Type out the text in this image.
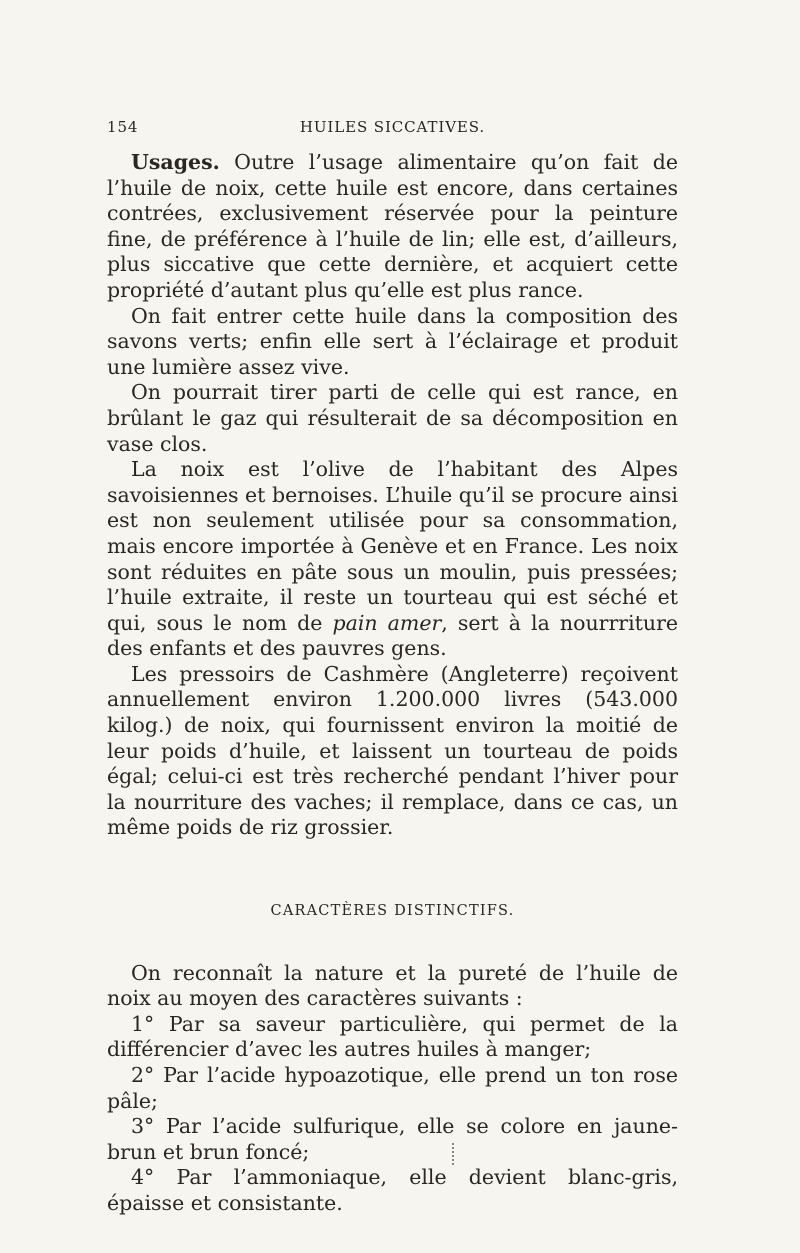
154	HUILES SICCATIVES.

Usages. Outre l’usage alimentaire qu’on fait de l’huile de noix, cette huile est encore, dans certaines contrées, exclusivement réservée pour la peinture fine, de préférence à l’huile de lin; elle est, d’ailleurs, plus siccative que cette dernière, et acquiert cette propriété d’autant plus qu’elle est plus rance.

On fait entrer cette huile dans la composition des savons verts; enfin elle sert à l’éclairage et produit une lumière assez vive.

On pourrait tirer parti de celle qui est rance, en brûlant le gaz qui résulterait de sa décomposition en vase clos.

La noix est l’olive de l’habitant des Alpes savoisiennes et bernoises. L’huile qu’il se procure ainsi est non seulement utilisée pour sa consommation, mais encore importée à Genève et en France. Les noix sont réduites en pâte sous un moulin, puis pressées; l’huile extraite, il reste un tourteau qui est séché et qui, sous le nom de pain amer, sert à la nourrriture des enfants et des pauvres gens.

Les pressoirs de Cashmère (Angleterre) reçoivent annuellement environ 1.200.000 livres (543.000 kilog.) de noix, qui fournissent environ la moitié de leur poids d’huile, et laissent un tourteau de poids égal; celui-ci est très recherché pendant l’hiver pour la nourriture des vaches; il remplace, dans ce cas, un même poids de riz grossier.

CARACTÈRES DISTINCTIFS.

On reconnaît la nature et la pureté de l’huile de noix au moyen des caractères suivants :

1° Par sa saveur particulière, qui permet de la différencier d’avec les autres huiles à manger;

2° Par l’acide hypoazotique, elle prend un ton rose pâle;

3° Par l’acide sulfurique, elle se colore en jaune-brun et brun foncé;

4° Par l’ammoniaque, elle devient blanc-gris, épaisse et consistante.
